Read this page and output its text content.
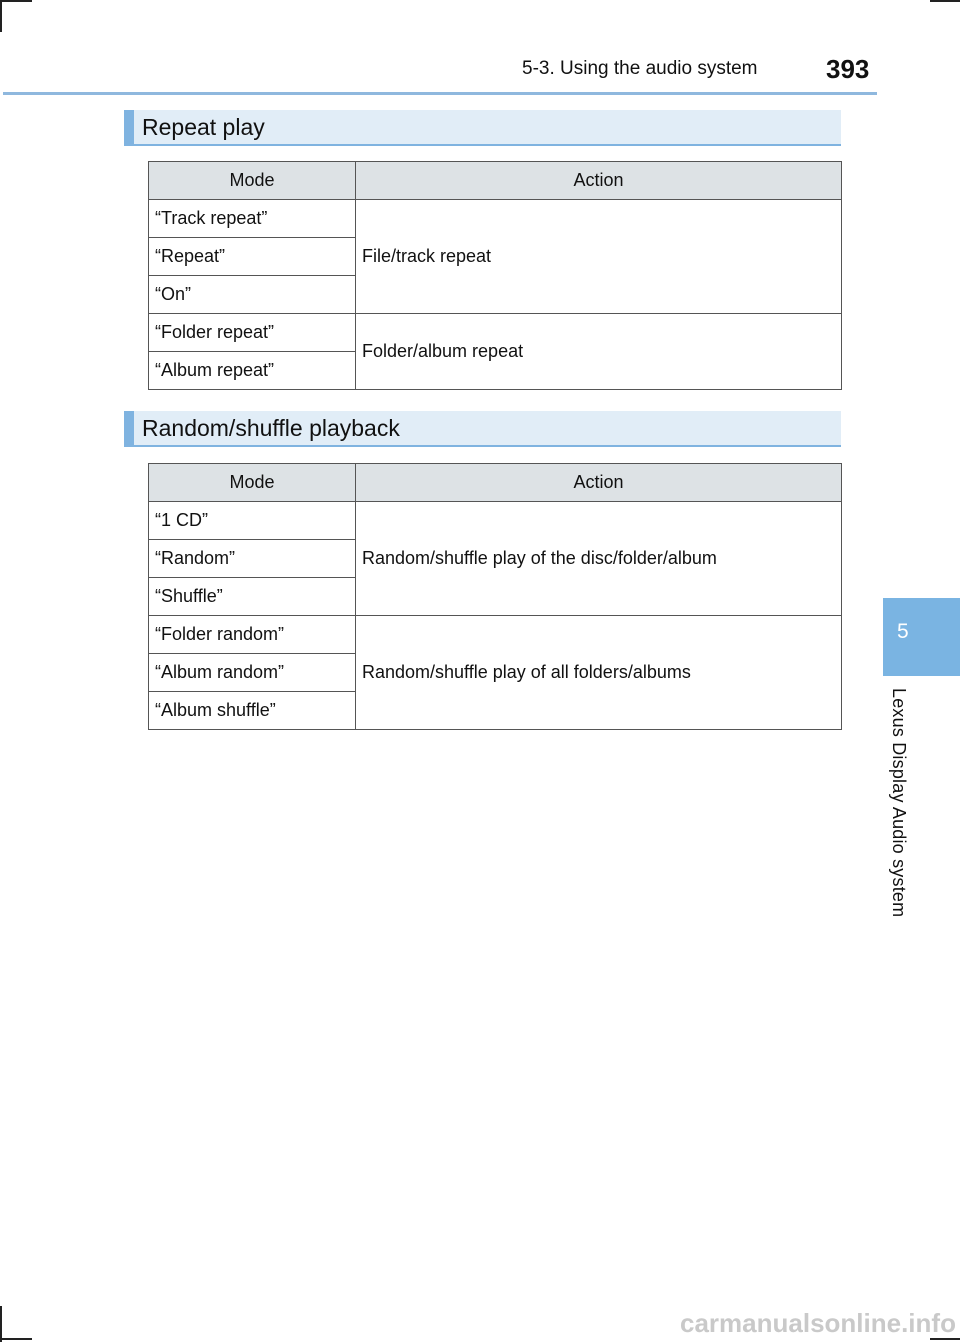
5-3. Using the audio system	393
Repeat play
Mode	Action
“Track repeat”	File/track repeat
“Repeat”	
“On”	
“Folder repeat”	Folder/album repeat
“Album repeat”	
Random/shuffle playback
Mode	Action
“1 CD”	Random/shuffle play of the disc/folder/album
“Random”	
“Shuffle”	
“Folder random”	Random/shuffle play of all folders/albums
“Album random”	
“Album shuffle”	
5
Lexus Display Audio system
carmanualsonline.info
